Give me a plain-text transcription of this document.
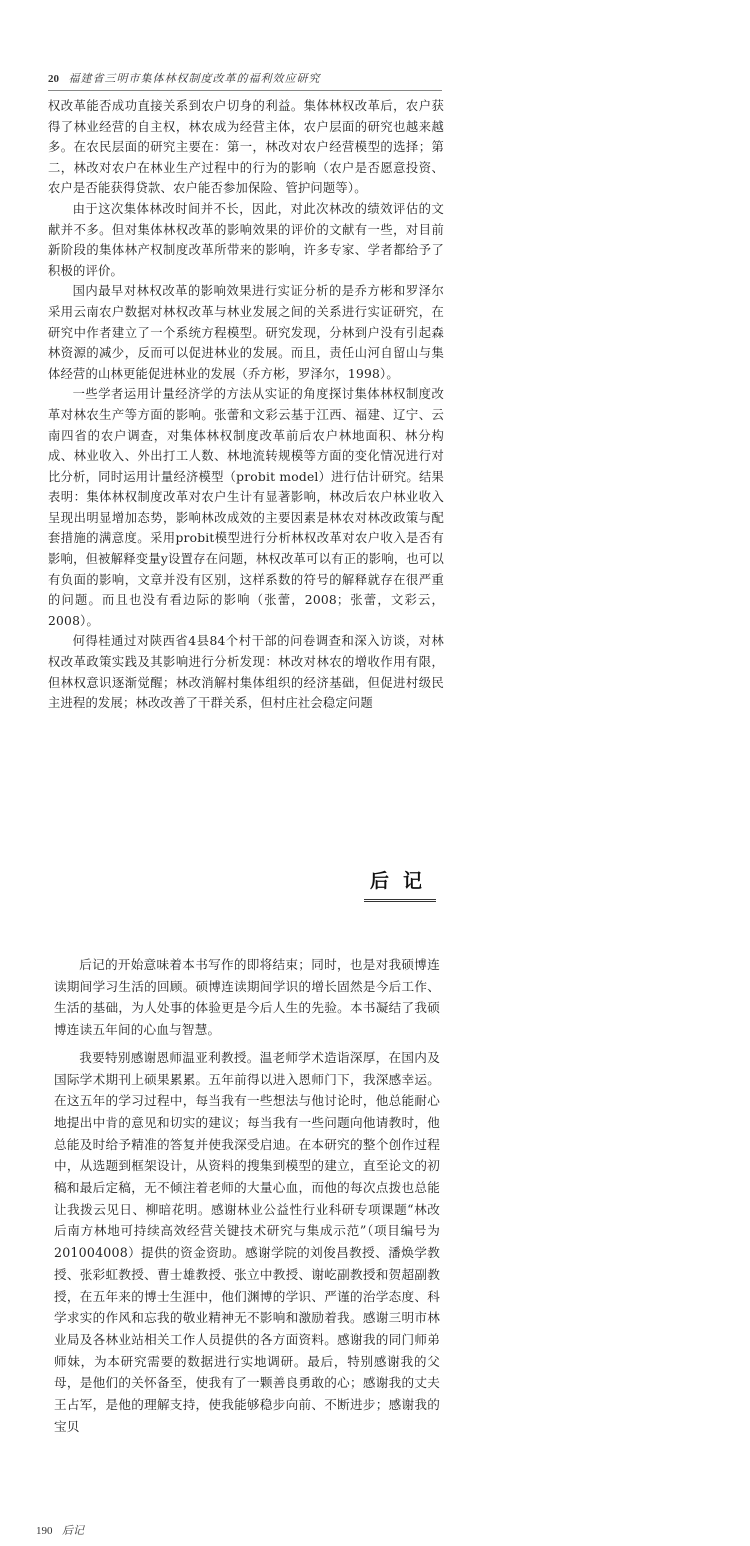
20 福建省三明市集体林权制度改革的福利效应研究

权改革能否成功直接关系到农户切身的利益。集体林权改革后，农户获得了林业经营的自主权，林农成为经营主体，农户层面的研究也越来越多。在农民层面的研究主要在：第一，林改对农户经营模型的选择；第二，林改对农户在林业生产过程中的行为的影响（农户是否愿意投资、农户是否能获得贷款、农户能否参加保险、管护问题等）。

由于这次集体林改时间并不长，因此，对此次林改的绩效评估的文献并不多。但对集体林权改革的影响效果的评价的文献有一些，对目前新阶段的集体林产权制度改革所带来的影响，许多专家、学者都给予了积极的评价。

国内最早对林权改革的影响效果进行实证分析的是乔方彬和罗泽尔采用云南农户数据对林权改革与林业发展之间的关系进行实证研究，在研究中作者建立了一个系统方程模型。研究发现，分林到户没有引起森林资源的减少，反而可以促进林业的发展。而且，责任山河自留山与集体经营的山林更能促进林业的发展（乔方彬，罗泽尔，1998）。

一些学者运用计量经济学的方法从实证的角度探讨集体林权制度改革对林农生产等方面的影响。张蕾和文彩云基于江西、福建、辽宁、云南四省的农户调查，对集体林权制度改革前后农户林地面积、林分构成、林业收入、外出打工人数、林地流转规模等方面的变化情况进行对比分析，同时运用计量经济模型（probit model）进行估计研究。结果表明：集体林权制度改革对农户生计有显著影响，林改后农户林业收入呈现出明显增加态势，影响林改成效的主要因素是林农对林改政策与配套措施的满意度。采用probit模型进行分析林权改革对农户收入是否有影响，但被解释变量y设置存在问题，林权改革可以有正的影响，也可以有负面的影响，文章并没有区别，这样系数的符号的解释就存在很严重的问题。而且也没有看边际的影响（张蕾，2008；张蕾，文彩云，2008）。

何得桂通过对陕西省4县84个村干部的问卷调查和深入访谈，对林权改革政策实践及其影响进行分析发现：林改对林农的增收作用有限，但林权意识逐渐觉醒；林改消解村集体组织的经济基础，但促进村级民主进程的发展；林改改善了干群关系，但村庄社会稳定问题

后记

后记的开始意味着本书写作的即将结束；同时，也是对我硕博连读期间学习生活的回顾。硕博连读期间学识的增长固然是今后工作、生活的基础，为人处事的体验更是今后人生的先验。本书凝结了我硕博连读五年间的心血与智慧。

我要特别感谢恩师温亚利教授。温老师学术造诣深厚，在国内及国际学术期刊上硕果累累。五年前得以进入恩师门下，我深感幸运。在这五年的学习过程中，每当我有一些想法与他讨论时，他总能耐心地提出中肯的意见和切实的建议；每当我有一些问题向他请教时，他总能及时给予精准的答复并使我深受启迪。在本研究的整个创作过程中，从选题到框架设计，从资料的搜集到模型的建立，直至论文的初稿和最后定稿，无不倾注着老师的大量心血，而他的每次点拨也总能让我拨云见日、柳暗花明。感谢林业公益性行业科研专项课题“林改后南方林地可持续高效经营关键技术研究与集成示范”（项目编号为201004008）提供的资金资助。感谢学院的刘俊昌教授、潘焕学教授、张彩虹教授、曹士雄教授、张立中教授、谢屹副教授和贺超副教授，在五年来的博士生涯中，他们渊博的学识、严谨的治学态度、科学求实的作风和忘我的敬业精神无不影响和激励着我。感谢三明市林业局及各林业站相关工作人员提供的各方面资料。感谢我的同门师弟师妹，为本研究需要的数据进行实地调研。最后，特别感谢我的父母，是他们的关怀备至，使我有了一颗善良勇敢的心；感谢我的丈夫王占军，是他的理解支持，使我能够稳步向前、不断进步；感谢我的宝贝

190 后记
